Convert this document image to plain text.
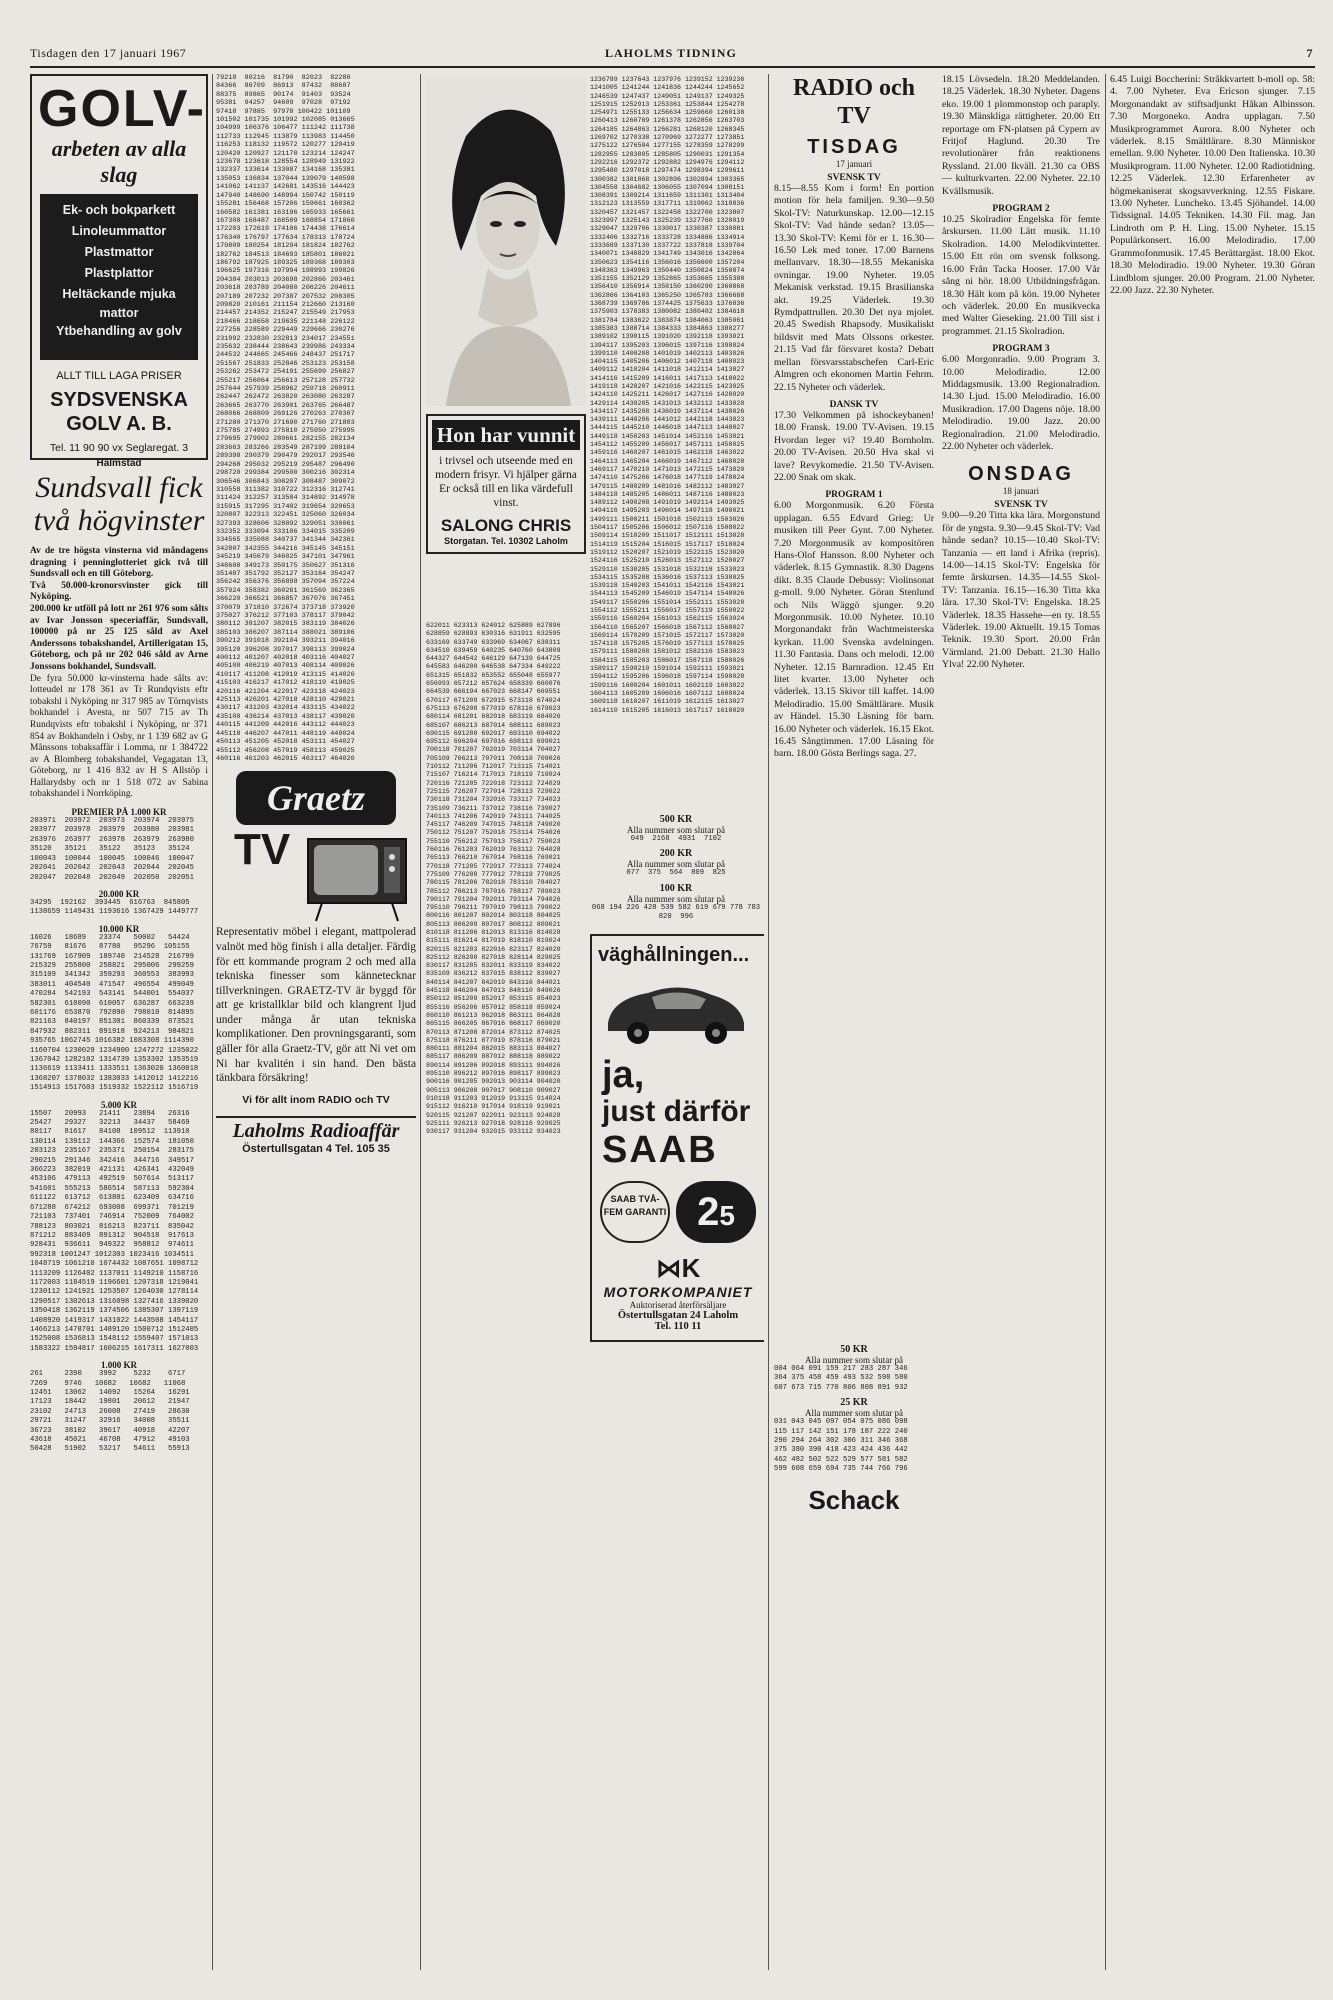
Tisdagen den 17 januari 1967	LAHOLMS TIDNING	7
GOLV-
arbeten av alla slag
Ek- och bokparkett
Linoleummattor
Plastmattor
Plastplattor
Heltäckande mjuka
mattor
Ytbehandling av golv
ALLT TILL LAGA PRISER
SYDSVENSKA
GOLV A. B.
Tel. 11 90 90 vx Seglaregat. 3
Halmstad
Sundsvall fick
två högvinster
Av de tre högsta vinsterna vid måndagens dragning i penninglotteriet gick två till Sundsvall och en till Göteborg.
Två 50.000-kronorsvinster gick till Nyköping.
200.000 kr utföll på lott nr 261 976 som sålts av Ivar Jonsson speceriaffär, Sundsvall, 100000 på nr 25 125 såld av Axel Anderssons tobakshandel, Artillerigatan 15, Göteborg, och på nr 202 046 såld av Arne Jonssons bokhandel, Sundsvall.
De fyra 50.000 kr-vinsterna hade sålts av: lotteudel nr 178 361 av Tr Rundqvists eftr tobakshl i Nyköping nr 317 985 av Törnqvists bokhandel i Avesta, nr 507 715 av Th Rundqvists eftr tobakshl i Nyköping, nr 371 854 av Bokhandeln i Osby, nr 1 139 682 av G Månssons tobaksaffär i Lomma, nr 1 384722 av A Blomberg tobakshandel, Vegagatan 13, Göteborg, nr 1 416 832 av H S Allstöp i Hallarydsby och nr 1 518 072 av Sabina tobakshandel i Norrköping.
PREMIER PÅ 1.000 KR
203971  203972  203973  203974  203975
203977  203978  203979  203980  203981
263976  263977  263978  263979  263980
35120   35121   35122   35123   35124
100043  100044  100045  100046  100047
202041  202042  202043  202044  202045
202047  202048  202049  202050  202051
20.000 KR
34295  192162  393445  616763  845805
1138659 1149431 1193616 1367429 1449777
10.000 KR
16026   18689   23374   50002   54424
76759   81676   87780   95296  105155
131769  167909  189740  214528  216799
215329  255800  258821  295006  299259
315109  341342  359293  360553  383993
383011  404540  471547  496554  499049
470284  542193  543141  544001  554037
582301  610090  610057  636287  663239
601176  653870  792890  798010  814895
821163  840197  851301  860339  873521
847932  882311  891918  924213  984821
935765 1062745 1016382 1083308 1114390
1160704 1230029 1234900 1247272 1235022
1367042 1282102 1314739 1353302 1353519
1136619 1133411 1333511 1363020 1360018
1368207 1378032 1383033 1412012 1412216
1514913 1517603 1519332 1522112 1516719
5.000 KR
15507   20993   21411   23894   26316
25427   29327   32213   34437   58469
80117   81617   84108  109512  113910
130114  139112  144366  152574  181050
203123  235167  235371  250154  283175
290215  291346  342416  344716  349517
366223  382019  421131  426341  432049
453106  479113  492519  507614  513117
541601  555213  586514  587113  592304
611122  613712  613801  623409  634716
671288  674212  693008  699371  701219
721103  737401  746914  752009  764002
788123  803021  816213  823711  835042
871212  883409  891312  904518  917613
928431  936611  949322  958812  974611
992318 1001247 1012303 1023416 1034511
1048719 1061210 1074432 1087651 1098712
1113209 1126402 1137011 1149210 1158716
1172003 1184519 1196601 1207318 1219041
1230112 1241921 1253507 1264030 1278114
1290517 1302613 1316098 1327416 1339020
1350418 1362119 1374506 1385307 1397119
1408920 1419317 1431022 1443508 1454117
1466213 1478701 1489120 1500712 1512405
1525008 1536813 1548112 1559407 1571013
1583322 1594817 1606215 1617311 1627003
1.000 KR
261     2390    3992    5232    6717
7269    9746   10682   10682   11068
12451   13062   14092   15264   16291
17123   18442   19801   20612   21947
23102   24713   26008   27419   28630
29721   31247   32916   34008   35511
36723   38102   39617   40918   42207
43618   45021   46708   47912   49103
50428   51902   53217   54611   55913
79218  80216  81790  82023  82280
84366  86709  86913  87432  88687
88375  89865  90174  91403  93524
95381  94257  94609  97028  97192
97418  97885  97978 100422 101109
101502 101735 101992 102085 013665
104999 106376 106477 111242 111738
112733 112945 113879 113983 114450
116253 118132 119572 120277 120419
120420 120927 121170 123214 124247
123678 123618 128554 128949 131922
132337 133614 133087 134168 135381
135053 136834 137044 139079 140598
141062 141137 142681 143516 144423
147940 148690 148994 150742 150119
155281 156468 157206 159661 160362
160582 161381 163196 165933 165661
167308 168487 168509 168854 171860
172203 172619 174106 174438 176614
176340 176797 177634 178313 178724
179809 180254 181294 181824 182762
182762 184513 184693 185801 186021
186792 187925 189325 189368 189303
196625 197316 197994 198993 199826
204384 203013 203698 202866 203461
203618 203789 204080 206226 204611
207189 207232 207387 207532 208305
209820 210161 211154 212660 213160
214457 214352 215247 215549 217953
218466 218658 219635 221148 226122
227256 228589 229449 229666 230276
231992 232830 232813 234017 234551
235632 238444 238643 239986 243334
244532 244665 245466 248437 251717
251567 251833 252846 253123 253158
253262 253472 254191 255699 256827
255217 256064 256613 257128 257732
257644 257939 258962 259718 260911
262447 262472 263820 263080 263287
263665 263770 263901 263765 266487
268066 268809 269126 270263 270307
271280 271370 271690 271760 271803
275785 274993 275810 275950 275995
279695 279902 280661 282155 282134
283663 283266 283549 287199 288104
289398 290379 290479 292017 293546
294268 295032 295219 295487 296490
298720 299384 299500 300216 302314
306546 306843 308207 308487 309072
310558 311382 310722 312316 312741
311424 312257 313584 314892 314978
315915 317295 317402 319654 320653
320807 322313 322451 325060 326034
327393 328606 328892 329051 330061
332352 333094 333106 334015 335209
334565 335088 340737 341344 342361
342807 342355 344216 345145 345151
345219 345679 346025 347101 347961
348608 349173 350175 350627 351316
351487 351792 352127 353164 354247
356242 356376 356898 357094 357224
357924 358382 360261 361569 362365
366220 366521 366857 367076 367451
370079 371810 372674 373718 373920
375027 376212 377103 378117 379042
380112 381207 382015 383119 384026
385103 386207 387114 388021 389106
390212 391018 392104 393211 394016
395120 396208 397017 398113 399024
400112 401207 402018 403116 404027
405108 406219 407013 408114 409026
410117 411208 412019 413115 414026
415103 416217 417012 418119 419025
420116 421204 422017 423118 424023
425113 426201 427018 428110 429021
430117 431203 432014 433115 434022
435108 436214 437013 438117 439020
440115 441209 442016 443112 444023
445118 446207 447011 448119 449024
450113 451205 452018 453111 454027
455112 456208 457019 458113 459025
460116 461203 462015 463117 464020
Graetz
TV
Representativ möbel i elegant, mattpolerad valnöt med hög finish i alla detaljer. Färdig för ett kommande program 2 och med alla tekniska finesser som kännetecknar tillverkningen. GRAETZ-TV är byggd för att ge kristallklar bild och klangrent ljud under många år utan tekniska komplikationer. Den provningsgaranti, som gäller för alla Graetz-TV, gör att Ni vet om Ni har kvalitén i sin hand. Den bästa tänkbara försäkring!
Vi för allt inom RADIO och TV
Laholms Radioaffär
Östertullsgatan 4 Tel. 105 35
Hon har vunnit
i trivsel och utseende med en modern frisyr. Vi hjälper gärna Er också till en lika värdefull vinst.
SALONG CHRIS
Storgatan. Tel. 10302 Laholm
622011 623313 624012 625889 627896
628859 628893 630316 631911 632595
633169 633749 633969 634067 638311
634510 639459 640235 640760 643809
644327 644542 646129 647139 644725
645583 646200 646538 647334 649222
651315 651832 653552 655048 655977
656993 657212 657624 658339 660076
664539 666194 667023 668147 669551
670117 671209 672015 673118 674024
675113 676208 677019 678116 679023
680114 681201 682018 683119 684026
685107 686213 687014 688111 689023
690115 691208 692017 693110 694022
695112 696204 697016 698113 699021
700118 701207 702019 703114 704027
705109 706213 707011 708118 709026
710112 711206 712017 713115 714021
715107 716214 717013 718119 719024
720116 721205 722018 723112 724029
725115 726207 727014 728113 729022
730118 731204 732016 733117 734023
735109 736211 737012 738116 739027
740113 741206 742019 743111 744025
745117 746209 747015 748118 749020
750112 751207 752018 753114 754026
755110 756212 757013 758117 759023
760116 761203 762019 763112 764028
765113 766210 767014 768116 769021
770118 771205 772017 773113 774024
775109 776208 777012 778119 779025
780115 781206 782018 783110 784027
785112 786213 787016 788117 789023
790117 791204 792011 793114 794026
795110 796211 797019 798113 799022
800116 801207 802014 803118 804025
805113 806209 807017 808112 809021
810118 811206 812013 813116 814028
815111 816214 817019 818110 819024
820115 821203 822016 823117 824020
825112 826208 827018 828114 829025
830117 831205 832011 833119 834022
835109 836212 837015 838112 839027
840114 841207 842019 843116 844021
845118 846204 847013 848110 849026
850112 851209 852017 853115 854023
855116 856206 857012 858118 859024
860110 861213 862018 863111 864028
865115 866205 867016 868117 869020
870113 871208 872014 873112 874025
875118 876211 877019 878116 879021
880111 881204 882015 883113 884027
885117 886209 887012 888118 889022
890114 891206 892018 893111 894026
895110 896212 897016 898117 899023
900116 901205 902013 903114 904020
905113 906208 907017 908110 909027
910118 911203 912019 913115 914024
915112 916210 917014 918119 919021
920115 921207 922011 923113 924028
925111 926213 927018 928116 929025
930117 931204 932015 933112 934023
1236789 1237643 1237976 1239152 1239236
1241005 1241244 1241836 1244244 1245652
1246539 1247437 1249051 1249137 1249325
1251915 1252913 1253361 1253844 1254278
1254971 1255133 1256634 1259660 1260138
1260413 1260769 1261378 1262856 1263703
1264185 1264863 1266281 1268120 1268345
1269702 1270338 1270969 1272277 1273851
1275122 1276504 1277155 1278359 1278299
1282955 1283805 1285805 1290031 1291354
1292216 1292372 1292882 1294976 1294112
1295480 1297018 1297474 1298394 1299611
1300382 1301868 1302896 1302894 1303365
1304558 1304682 1306055 1307094 1308151
1308391 1309214 1311659 1311301 1313404
1312123 1313559 1317711 1319062 1319836
1320457 1321457 1322458 1322700 1323807
1323997 1325143 1325239 1327760 1328019
1329047 1329706 1330017 1330387 1330881
1332406 1332716 1333728 1334886 1334914
1333689 1337130 1337722 1337818 1339704
1340071 1340829 1341749 1343016 1342864
1350623 1354116 1356016 1356600 1357204
1348363 1349963 1350440 1350824 1350874
1351155 1352129 1352865 1353665 1355388
1356410 1356914 1358150 1360290 1360868
1362866 1364103 1365250 1365783 1366668
1368739 1369786 1374425 1375633 1376836
1375903 1378383 1380082 1380402 1384618
1381784 1383622 1383874 1384063 1385061
1385383 1388714 1384333 1384863 1388277
1389102 1390115 1391020 1392118 1393021
1394117 1395203 1396015 1397116 1398024
1399110 1400208 1401019 1402113 1403026
1404115 1405206 1406012 1407118 1408023
1409112 1410204 1411018 1412114 1413027
1414116 1415209 1416011 1417113 1418022
1419118 1420207 1421016 1422115 1423025
1424110 1425211 1426017 1427116 1428020
1429114 1430205 1431013 1432112 1433028
1434117 1435208 1436019 1437114 1438026
1439111 1440206 1441012 1442118 1443023
1444115 1445210 1446018 1447113 1448027
1449118 1450203 1451014 1452116 1453021
1454112 1455209 1456017 1457111 1458025
1459116 1460207 1461015 1462118 1463022
1464113 1465204 1466019 1467112 1468028
1469117 1470210 1471013 1472115 1473020
1474110 1475206 1476018 1477119 1478024
1479115 1480209 1481016 1482112 1483027
1484118 1485205 1486011 1487116 1488023
1489112 1490208 1491019 1492114 1493025
1494116 1495203 1496014 1497118 1498021
1499111 1500211 1501018 1502113 1503026
1504117 1505206 1506012 1507116 1508022
1509114 1510209 1511017 1512111 1513028
1514119 1515204 1516015 1517117 1518024
1519112 1520207 1521019 1522115 1523020
1524116 1525210 1526013 1527112 1528027
1529110 1530205 1531018 1532118 1533023
1534115 1535208 1536016 1537113 1538025
1539118 1540203 1541011 1542116 1543021
1544113 1545209 1546019 1547114 1548026
1549117 1550206 1551014 1552111 1553028
1554112 1555211 1556017 1557119 1558022
1559116 1560204 1561013 1562115 1563024
1564110 1565207 1566018 1567112 1568027
1569114 1570209 1571015 1572117 1573020
1574118 1575205 1576019 1577113 1578025
1579111 1580208 1581012 1582116 1583023
1584115 1585203 1586017 1587118 1588026
1589117 1590210 1591014 1592111 1593021
1594112 1595206 1596018 1597114 1598028
1599116 1600204 1601011 1602119 1603022
1604113 1605209 1606016 1607112 1608024
1609118 1610207 1611019 1612115 1613027
1614110 1615205 1616013 1617117 1618020
500 KR
Alla nummer som slutar på
049  2168  4931  7102
200 KR
Alla nummer som slutar på
077  375  564  809  825
100 KR
Alla nummer som slutar på
068 194 226 428 539 582 619 679 778 783
820  996
väghållningen...
ja,
just därför
SAAB
SAAB TVÅ-FEM GARANTI 25
⋈K
MOTORKOMPANIET
Auktoriserad återförsäljare
Östertullsgatan 24 Laholm
Tel. 110 11
RADIO och TV
TISDAG
17 januari
SVENSK TV
8.15—8.55 Kom i form! En portion motion för hela familjen. 9.30—9.50 Skol-TV: Naturkunskap. 12.00—12.15 Skol-TV: Vad hände sedan? 13.05—13.30 Skol-TV: Kemi för er 1. 16.30—16.50 Lek med toner. 17.00 Barnens mellanvarv. 18.30—18.55 Mekaniska ovningar. 19.00 Nyheter. 19.05 Mekanisk verkstad. 19.15 Brasilianska akt. 19.25 Väderlek. 19.30 Rymdpattrullen. 20.30 Det nya mjolet. 20.45 Swedish Rhapsody. Musikaliskt bildsvit med Mats Olssons orkester. 21.15 Vad får försvaret kosta? Debatt mellan försvarsstabschefen Carl-Eric Almgren och ekonomen Martin Fehrm. 22.15 Nyheter och väderlek.
DANSK TV
17.30 Velkommen på ishockeybanen! 18.00 Fransk. 19.00 TV-Avisen. 19.15 Hvordan leger vi? 19.40 Bornholm. 20.00 TV-Avisen. 20.50 Hva skal vi lave? Revykomedie. 21.50 TV-Avisen. 22.00 Snak om skak.
PROGRAM 1
6.00 Morgonmusik. 6.20 Första upplagan. 6.55 Edvard Grieg: Ur musiken till Peer Gynt. 7.00 Nyheter. 7.20 Morgonmusik av kompositören Hans-Olof Hansson. 8.00 Nyheter och väderlek. 8.15 Gymnastik. 8.30 Dagens dikt. 8.35 Claude Debussy: Violinsonat g-moll. 9.00 Nyheter. Göran Stenlund och Nils Wäggö sjunger. 9.20 Morgonmusik. 10.00 Nyheter. 10.10 Morgonandakt från Wachtmeisterska kyrkan. 11.00 Svenska avdelningen. 11.30 Fantasia. Dans och melodi. 12.00 Nyheter. 12.15 Barnradion. 12.45 Ett litet kvarter. 13.00 Nyheter och väderlek. 13.15 Skivor till kaffet. 14.00 Melodiradio. 15.00 Smältlärare. Musik av Händel. 15.30 Läsning för barn. 16.00 Nyheter och väderlek. 16.15 Ekot. 16.45 Sångtimmen. 17.00 Läsning för barn. 18.00 Gösta Berlings saga. 27.
18.15 Lövsedeln. 18.20 Meddelanden. 18.25 Väderlek. 18.30 Nyheter. Dagens eko. 19.00 1 plommonstop och paraply. 19.30 Mänskliga rättigheter. 20.00 Ett reportage om FN-platsen på Cypern av Fritjof Haglund. 20.30 Tre revolutionärer från reaktionens Ryssland. 21.00 Ikväll. 21.30 ca OBS — kulturkvarten. 22.00 Nyheter. 22.10 Kvällsmusik.
PROGRAM 2
10.25 Skolradior Engelska för femte årskursen. 11.00 Lätt musik. 11.10 Skolradion. 14.00 Melodikvintetter. 15.00 Ett rön om svensk folksong. 16.00 Från Tacka Hooser. 17.00 Vår sång ni hör. 18.00 Utbildningsfrågan. 18.30 Hält kom på kön. 19.00 Nyheter och väderlek. 20.00 En musikvecka med Walter Gieseking. 21.00 Till sist i programmet. 21.15 Skolradion.
PROGRAM 3
6.00 Morgonradio. 9.00 Program 3. 10.00 Melodiradio. 12.00 Middagsmusik. 13.00 Regionalradion. 14.30 Ljud. 15.00 Melodiradio. 16.00 Musikradion. 17.00 Dagens nöje. 18.00 Melodiradio. 19.00 Jazz. 20.00 Regionalradion. 21.00 Melodiradio. 22.00 Nyheter och väderlek.
ONSDAG
18 januari
SVENSK TV
9.00—9.20 Titta kka lära. Morgonstund för de yngsta. 9.30—9.45 Skol-TV: Vad hände sedan? 10.15—10.40 Skol-TV: Tanzania — ett land i Afrika (repris). 14.00—14.15 Skol-TV: Engelska för femte årskursen. 14.35—14.55 Skol-TV: Tanzania. 16.15—16.30 Titta kka lära. 17.30 Skol-TV: Engelska. 18.25 Väderlek. 18.35 Hassehe—en ty. 18.55 Väderlek. 19.00 Aktuellt. 19.15 Tomas Teknik. 19.30 Sport. 20.00 Från Värmland. 21.00 Debatt. 21.30 Hallo Ylva! 22.00 Nyheter.
50 KR
Alla nummer som slutar på
004 064 091 159 217 283 287 346
364 375 458 459 493 532 598 580
607 673 715 770 806 808 891 932
25 KR
Alla nummer som slutar på
031 043 045 097 054 075 086 098
115 117 142 151 178 187 222 240
290 294 264 302 306 311 346 368
375 380 390 418 423 424 436 442
462 482 502 522 529 577 581 582
599 608 659 694 735 744 766 796
Schack
6.45 Luigi Boccherini: Stråkkvartett b-moll op. 58: 4. 7.00 Nyheter. Eva Ericson sjunger. 7.15 Morgonandakt av stiftsadjunkt Håkan Albinsson. 7.30 Morgoneko. Andra upplagan. 7.50 Musikprogrammet Aurora. 8.00 Nyheter och väderlek. 8.15 Smältlärare. 8.30 Människor emellan. 9.00 Nyheter. 10.00 Den Italienska. 10.30 Musikprogram. 11.00 Nyheter. 12.00 Radiotidning. 12.25 Väderlek. 12.30 Erfarenheter av högmekaniserat skogsavverkning. 12.55 Fiskare. 13.00 Nyheter. Luncheko. 13.45 Sjöhandel. 14.00 Tidssignal. 14.05 Tekniken. 14.30 Fil. mag. Jan Lindroth om P. H. Ling. 15.00 Nyheter. 15.15 Populärkonsert. 16.00 Melodiradio. 17.00 Grammofonmusik. 17.45 Berättargäst. 18.00 Ekot. 18.30 Melodiradio. 19.00 Nyheter. 19.30 Göran Lindblom sjunger. 20.00 Program. 21.00 Nyheter. 22.00 Jazz. 22.30 Nyheter.
